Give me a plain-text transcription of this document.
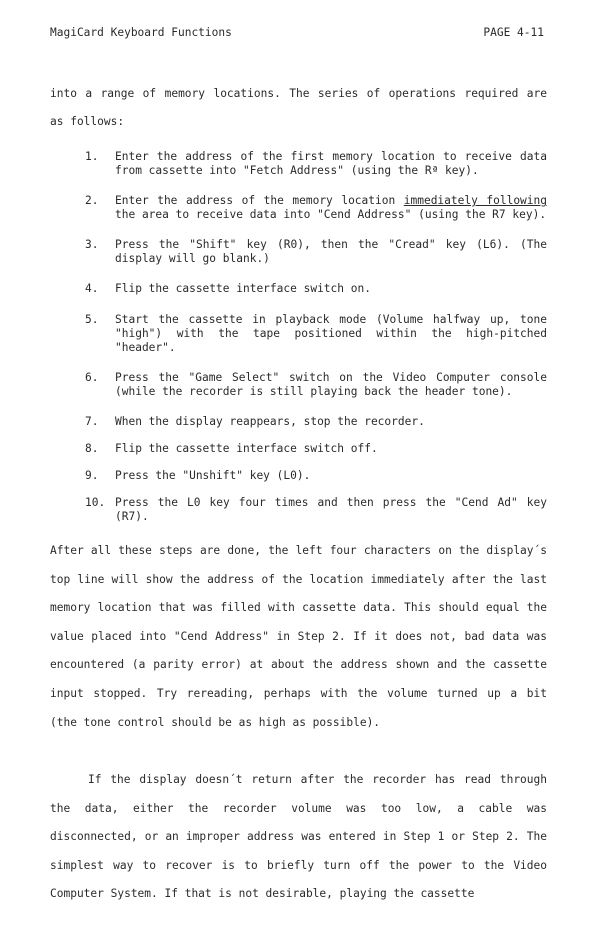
MagiCard Keyboard Functions	PAGE 4-11
into a range of memory locations. The series of operations required are as follows:
1. Enter the address of the first memory location to receive data from cassette into "Fetch Address" (using the Rª key).
2. Enter the address of the memory location immediately following the area to receive data into "Cend Address" (using the R7 key).
3. Press the "Shift" key (R0), then the "Cread" key (L6). (The display will go blank.)
4. Flip the cassette interface switch on.
5. Start the cassette in playback mode (Volume halfway up, tone "high") with the tape positioned within the high-pitched "header".
6. Press the "Game Select" switch on the Video Computer console (while the recorder is still playing back the header tone).
7. When the display reappears, stop the recorder.
8. Flip the cassette interface switch off.
9. Press the "Unshift" key (L0).
10. Press the L0 key four times and then press the "Cend Ad" key (R7).

After all these steps are done, the left four characters on the display´s top line will show the address of the location immediately after the last memory location that was filled with cassette data. This should equal the value placed into "Cend Address" in Step 2. If it does not, bad data was encountered (a parity error) at about the address shown and the cassette input stopped. Try rereading, perhaps with the volume turned up a bit (the tone control should be as high as possible).

If the display doesn´t return after the recorder has read through the data, either the recorder volume was too low, a cable was disconnected, or an improper address was entered in Step 1 or Step 2. The simplest way to recover is to briefly turn off the power to the Video Computer System. If that is not desirable, playing the cassette
